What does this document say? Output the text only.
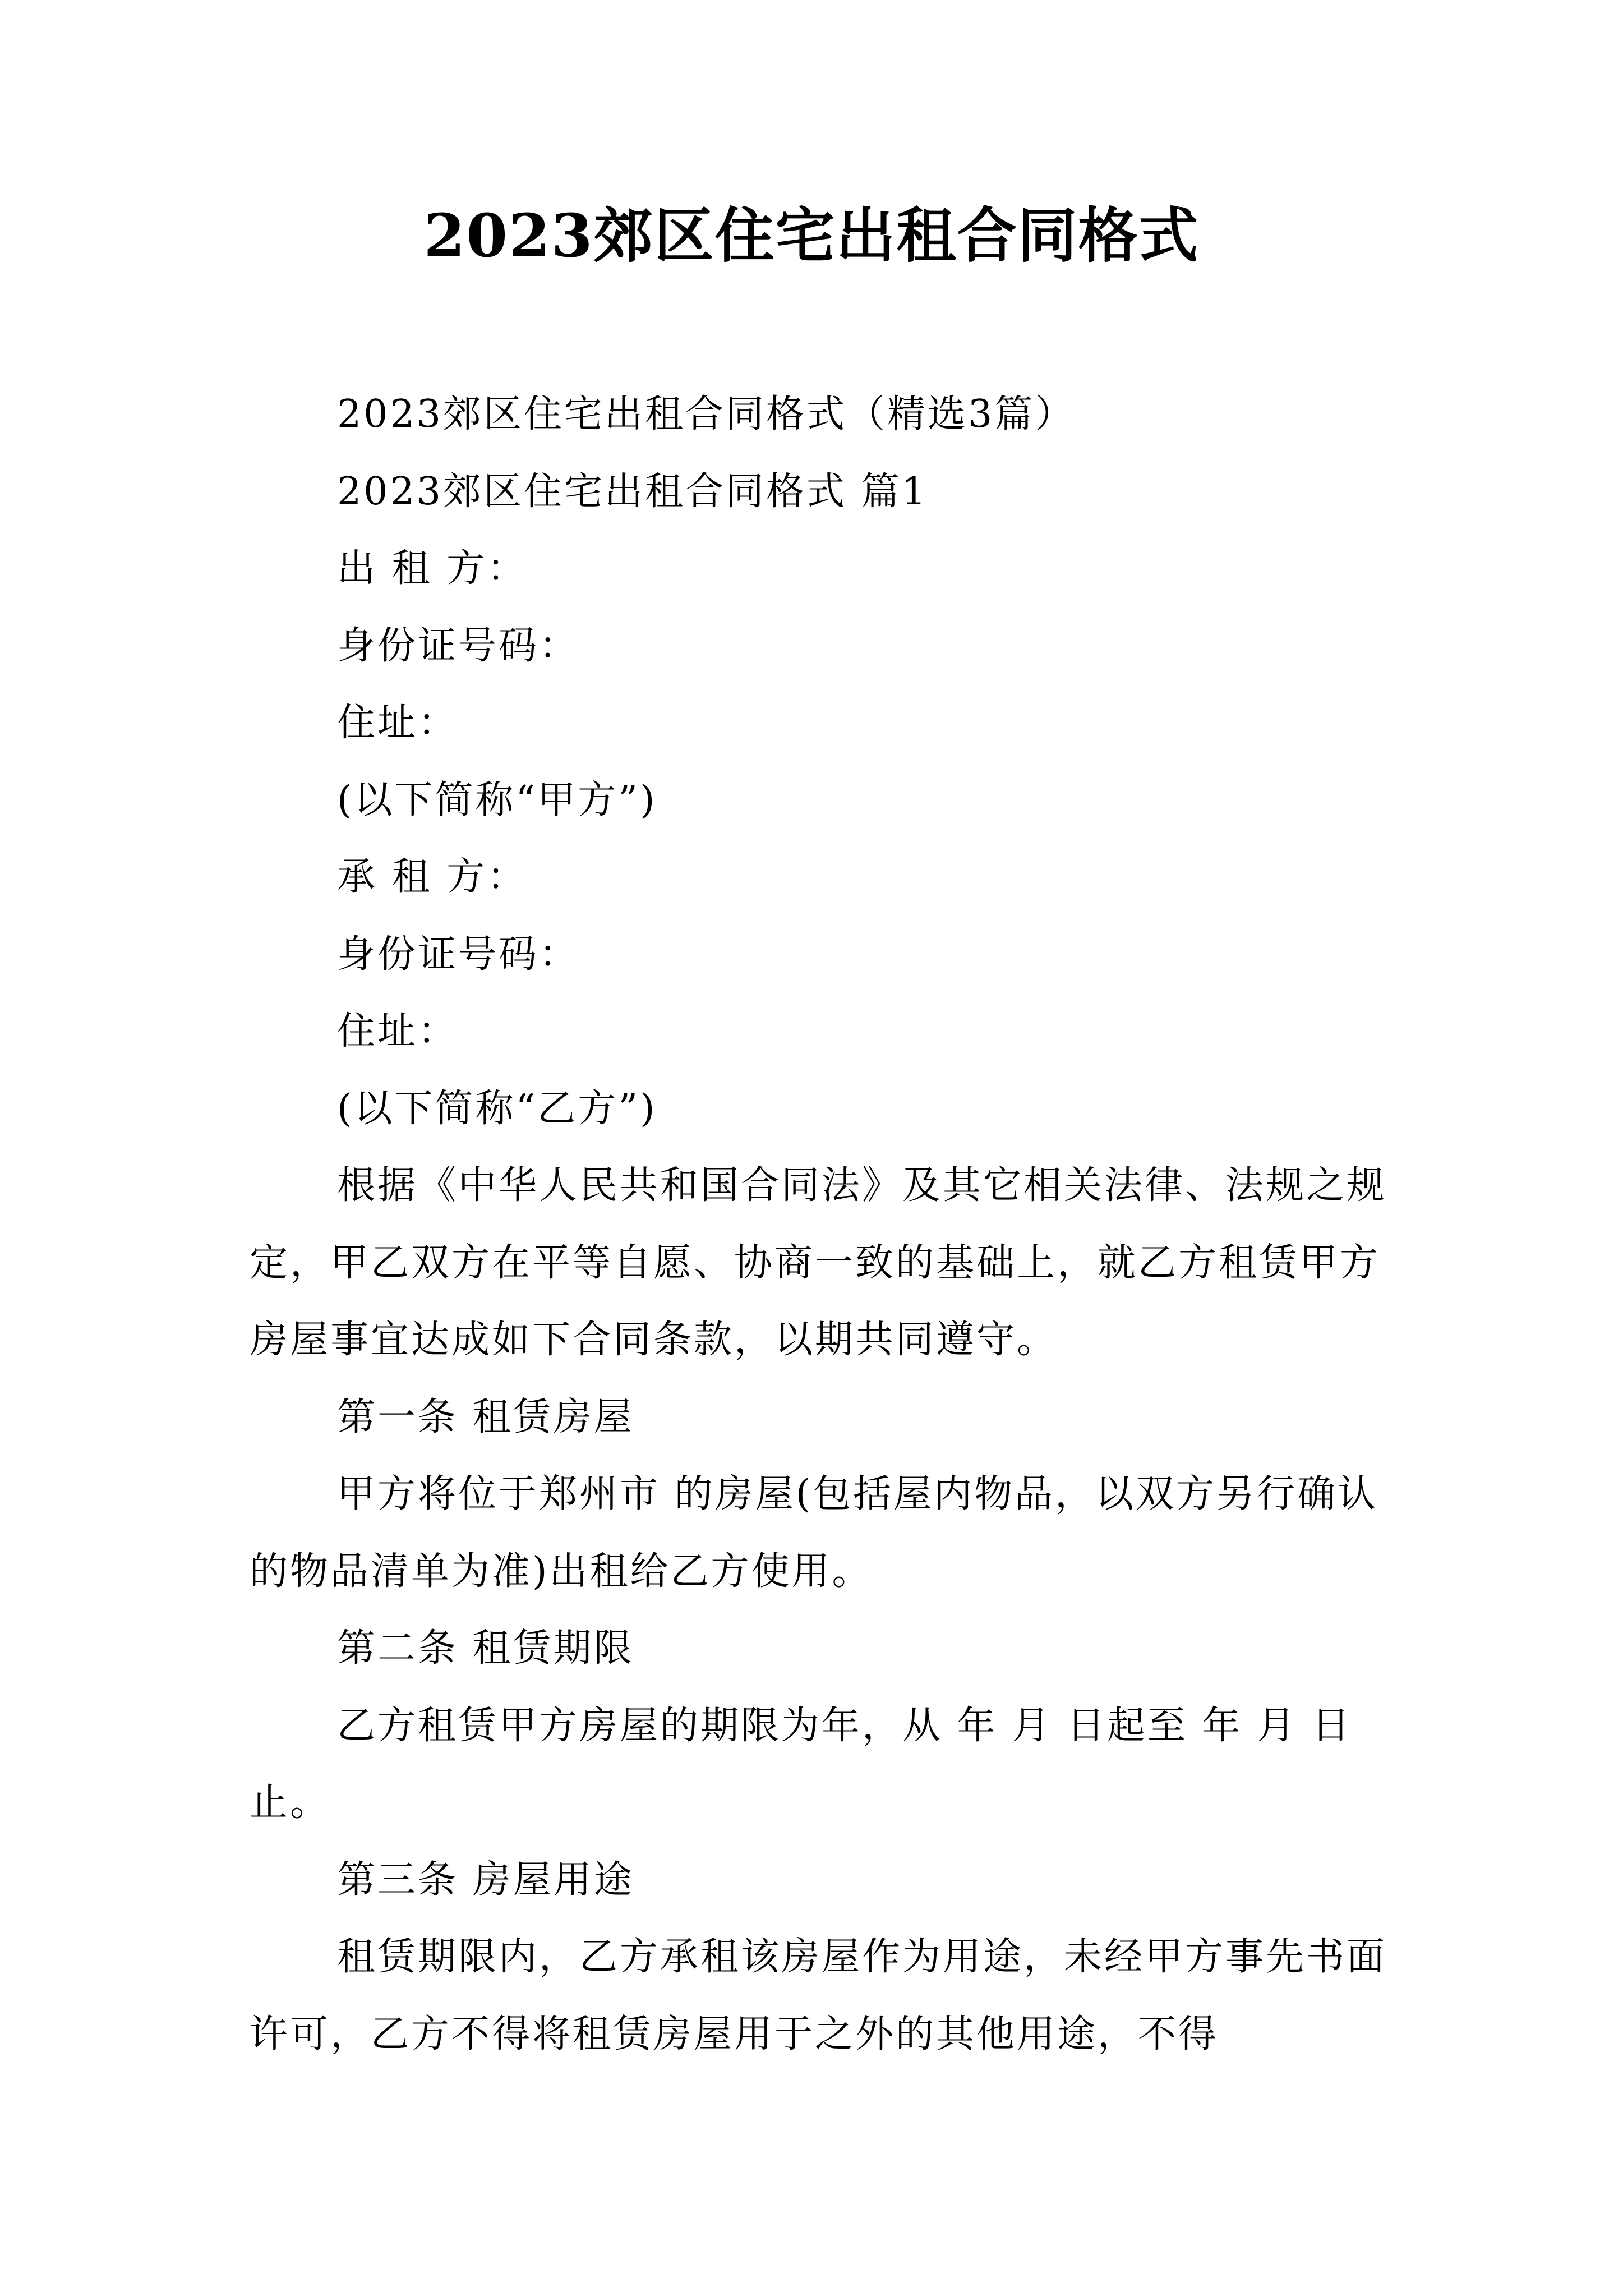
2023郊区住宅出租合同格式

2023郊区住宅出租合同格式（精选3篇）

2023郊区住宅出租合同格式 篇1

出 租 方：

身份证号码：

住址：

(以下简称“甲方”)

承 租 方：

身份证号码：

住址：

(以下简称“乙方”)

根据《中华人民共和国合同法》及其它相关法律、法规之规定，甲乙双方在平等自愿、协商一致的基础上，就乙方租赁甲方房屋事宜达成如下合同条款，以期共同遵守。

第一条 租赁房屋

甲方将位于郑州市 的房屋(包括屋内物品，以双方另行确认的物品清单为准)出租给乙方使用。

第二条 租赁期限

乙方租赁甲方房屋的期限为年，从 年 月 日起至 年 月 日止。

第三条 房屋用途

租赁期限内，乙方承租该房屋作为用途，未经甲方事先书面许可，乙方不得将租赁房屋用于之外的其他用途，不得
